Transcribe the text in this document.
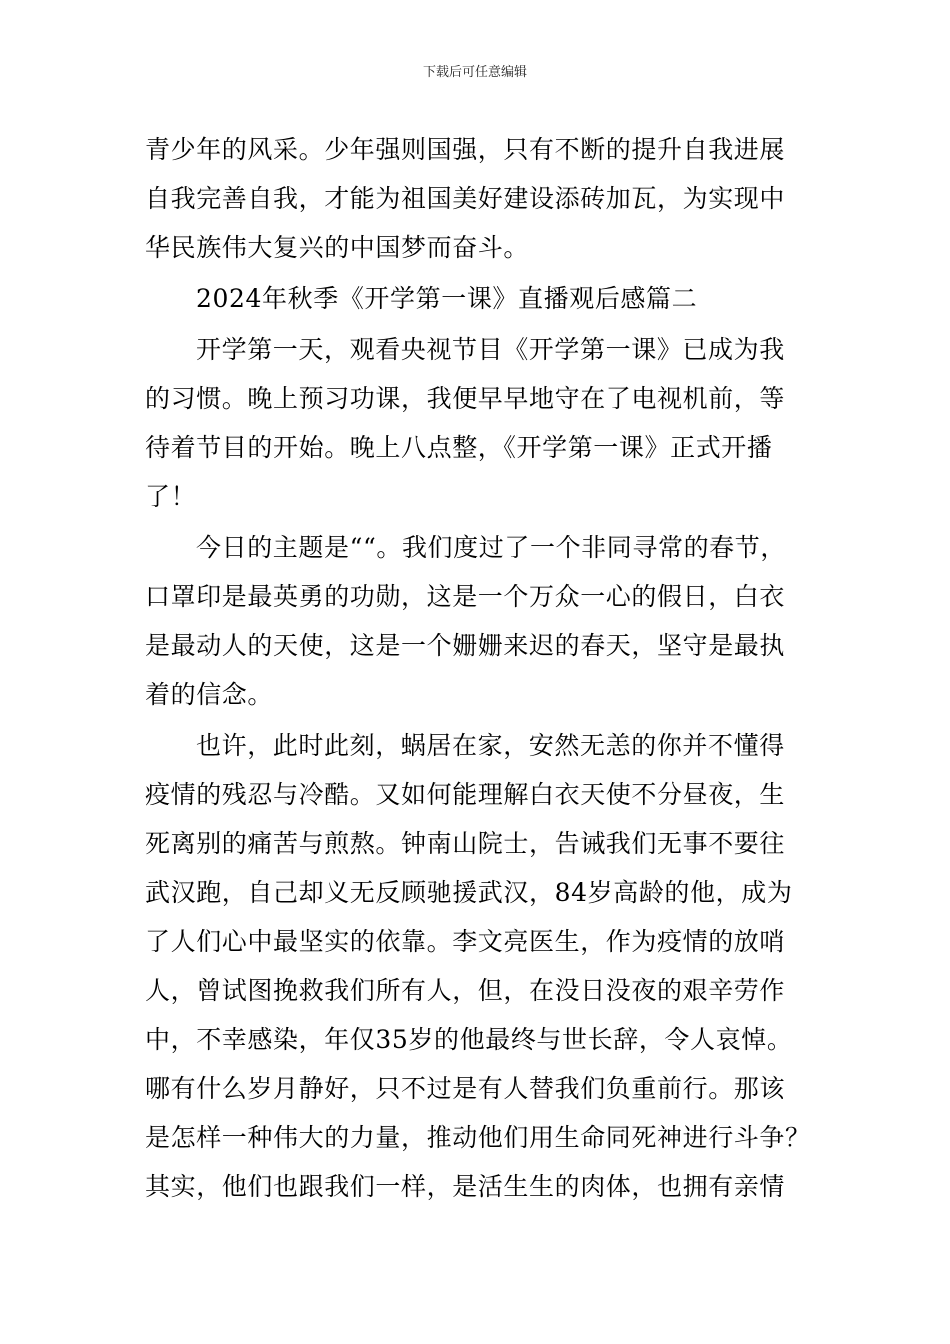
下载后可任意编辑
青少年的风采。少年强则国强，只有不断的提升自我进展
自我完善自我，才能为祖国美好建设添砖加瓦，为实现中
华民族伟大复兴的中国梦而奋斗。
2024年秋季《开学第一课》直播观后感篇二
开学第一天，观看央视节目《开学第一课》已成为我
的习惯。晚上预习功课，我便早早地守在了电视机前，等
待着节目的开始。晚上八点整，《开学第一课》正式开播
了！
今日的主题是““。我们度过了一个非同寻常的春节，
口罩印是最英勇的功勋，这是一个万众一心的假日，白衣
是最动人的天使，这是一个姗姗来迟的春天，坚守是最执
着的信念。
也许，此时此刻，蜗居在家，安然无恙的你并不懂得
疫情的残忍与冷酷。又如何能理解白衣天使不分昼夜，生
死离别的痛苦与煎熬。钟南山院士，告诫我们无事不要往
武汉跑，自己却义无反顾驰援武汉，84岁高龄的他，成为
了人们心中最坚实的依靠。李文亮医生，作为疫情的放哨
人，曾试图挽救我们所有人，但，在没日没夜的艰辛劳作
中，不幸感染，年仅35岁的他最终与世长辞，令人哀悼。
哪有什么岁月静好，只不过是有人替我们负重前行。那该
是怎样一种伟大的力量，推动他们用生命同死神进行斗争？
其实，他们也跟我们一样，是活生生的肉体，也拥有亲情
